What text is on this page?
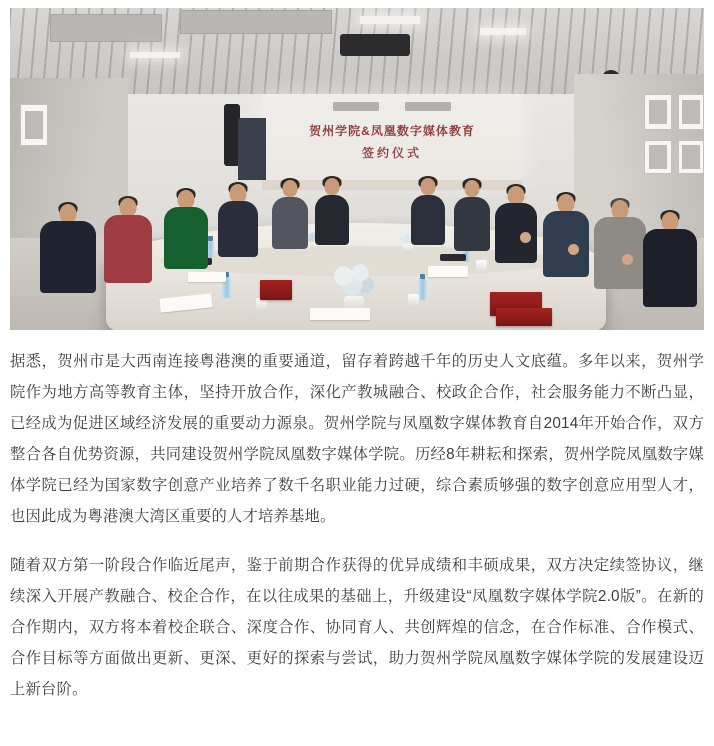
贺州学院&凤凰数字媒体教育
签约仪式

据悉，贺州市是大西南连接粤港澳的重要通道，留存着跨越千年的历史人文底蕴。多年以来，贺州学院作为地方高等教育主体，坚持开放合作，深化产教城融合、校政企合作，社会服务能力不断凸显，已经成为促进区域经济发展的重要动力源泉。贺州学院与凤凰数字媒体教育自2014年开始合作，双方整合各自优势资源，共同建设贺州学院凤凰数字媒体学院。历经8年耕耘和探索，贺州学院凤凰数字媒体学院已经为国家数字创意产业培养了数千名职业能力过硬，综合素质够强的数字创意应用型人才，也因此成为粤港澳大湾区重要的人才培养基地。

随着双方第一阶段合作临近尾声，鉴于前期合作获得的优异成绩和丰硕成果，双方决定续签协议，继续深入开展产教融合、校企合作，在以往成果的基础上，升级建设“凤凰数字媒体学院2.0版”。在新的合作期内，双方将本着校企联合、深度合作、协同育人、共创辉煌的信念，在合作标准、合作模式、合作目标等方面做出更新、更深、更好的探索与尝试，助力贺州学院凤凰数字媒体学院的发展建设迈上新台阶。
